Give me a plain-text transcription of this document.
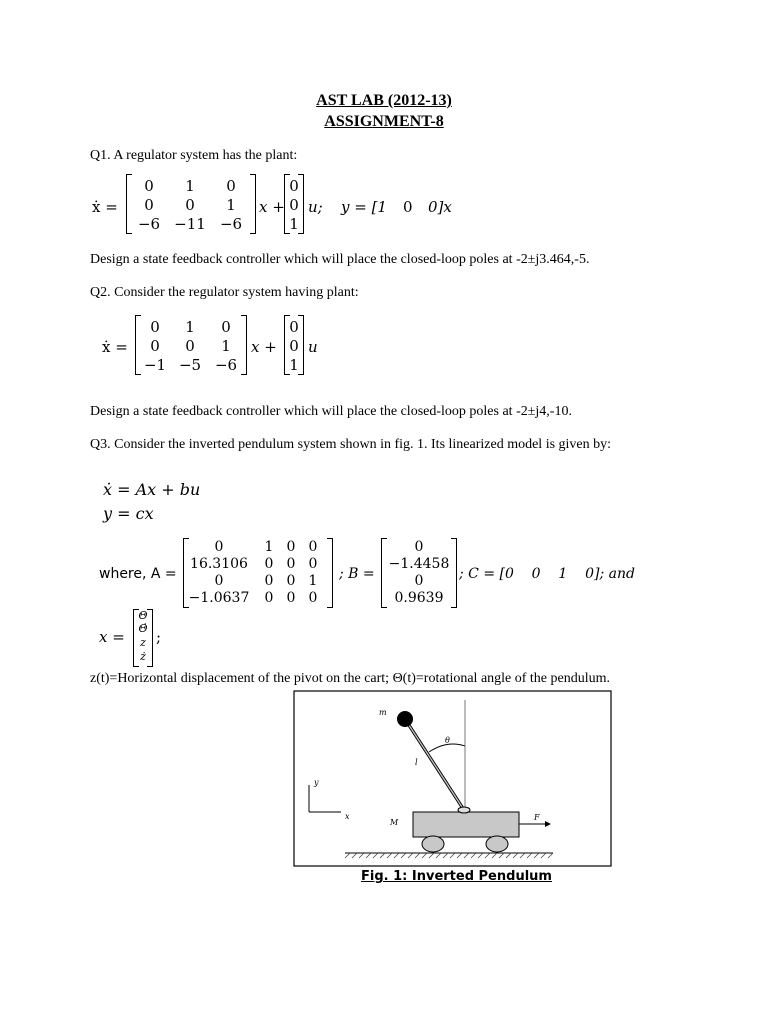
AST LAB (2012-13)
ASSIGNMENT-8
Q1. A regulator system has the plant:
ẋ =
0	1	0
0	0	1
−6 −11 −6
x +
0
0
1
u; y = [1 0 0]x
Design a state feedback controller which will place the closed-loop poles at -2±j3.464,-5.
Q2. Consider the regulator system having plant:
ẋ =
0	1	0
0	0	1
−1 −5 −6
x +
0
0
1
u
Design a state feedback controller which will place the closed-loop poles at -2±j4,-10.
Q3. Consider the inverted pendulum system shown in fig. 1. Its linearized model is given by:
ẋ = Ax + bu
y = cx
where, A =
0	1 0 0
16.3106 0 0 0
0	0 0 1
−1.0637 0 0 0
; B =
0
−1.4458
0
0.9639
; C = [0    0    1    0]; and
x =
Θ
Θ̇
z
ż
;
z(t)=Horizontal displacement of the pivot on the cart; Θ(t)=rotational angle of the pendulum.
m
θ
l
y
x
M
F
Fig. 1: Inverted Pendulum
